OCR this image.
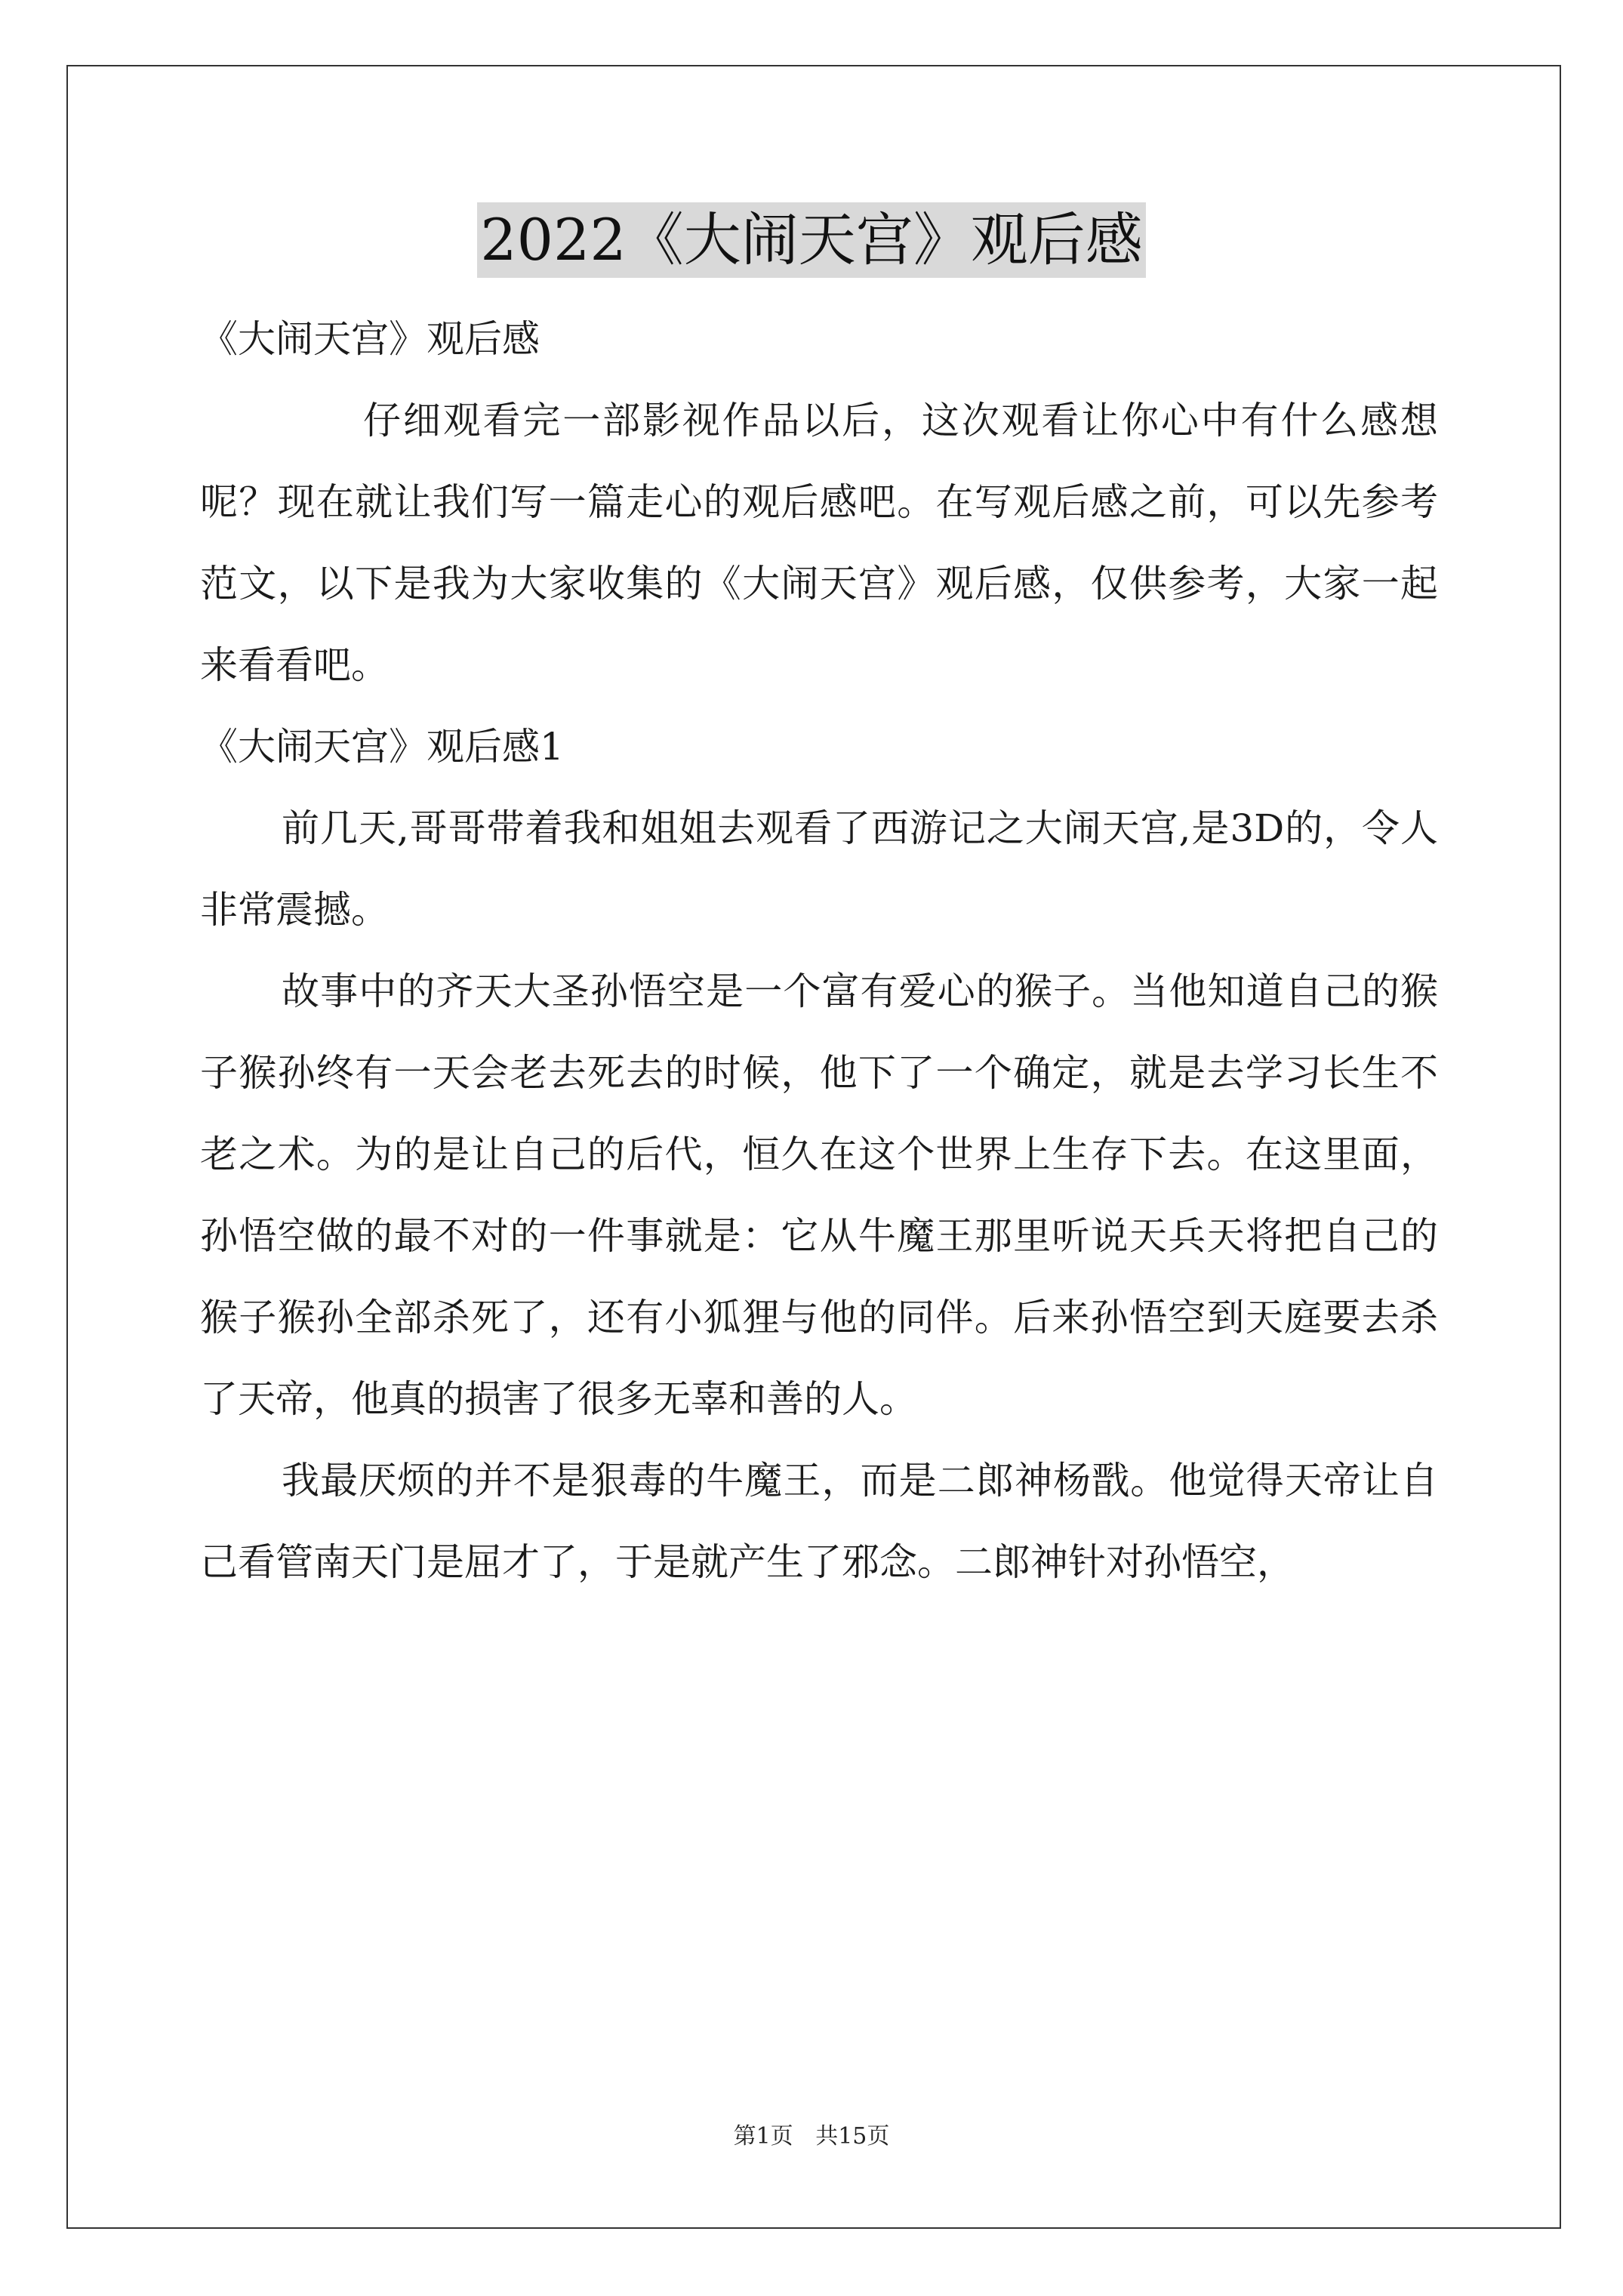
2022《大闹天宫》观后感

《大闹天宫》观后感

仔细观看完一部影视作品以后，这次观看让你心中有什么感想呢？现在就让我们写一篇走心的观后感吧。在写观后感之前，可以先参考范文，以下是我为大家收集的《大闹天宫》观后感，仅供参考，大家一起来看看吧。

《大闹天宫》观后感1

前几天,哥哥带着我和姐姐去观看了西游记之大闹天宫,是3D的，令人非常震撼。

故事中的齐天大圣孙悟空是一个富有爱心的猴子。当他知道自己的猴子猴孙终有一天会老去死去的时候，他下了一个确定，就是去学习长生不老之术。为的是让自己的后代，恒久在这个世界上生存下去。在这里面，孙悟空做的最不对的一件事就是：它从牛魔王那里听说天兵天将把自己的猴子猴孙全部杀死了，还有小狐狸与他的同伴。后来孙悟空到天庭要去杀了天帝，他真的损害了很多无辜和善的人。

我最厌烦的并不是狠毒的牛魔王，而是二郎神杨戬。他觉得天帝让自己看管南天门是屈才了，于是就产生了邪念。二郎神针对孙悟空，

第1页 共15页
